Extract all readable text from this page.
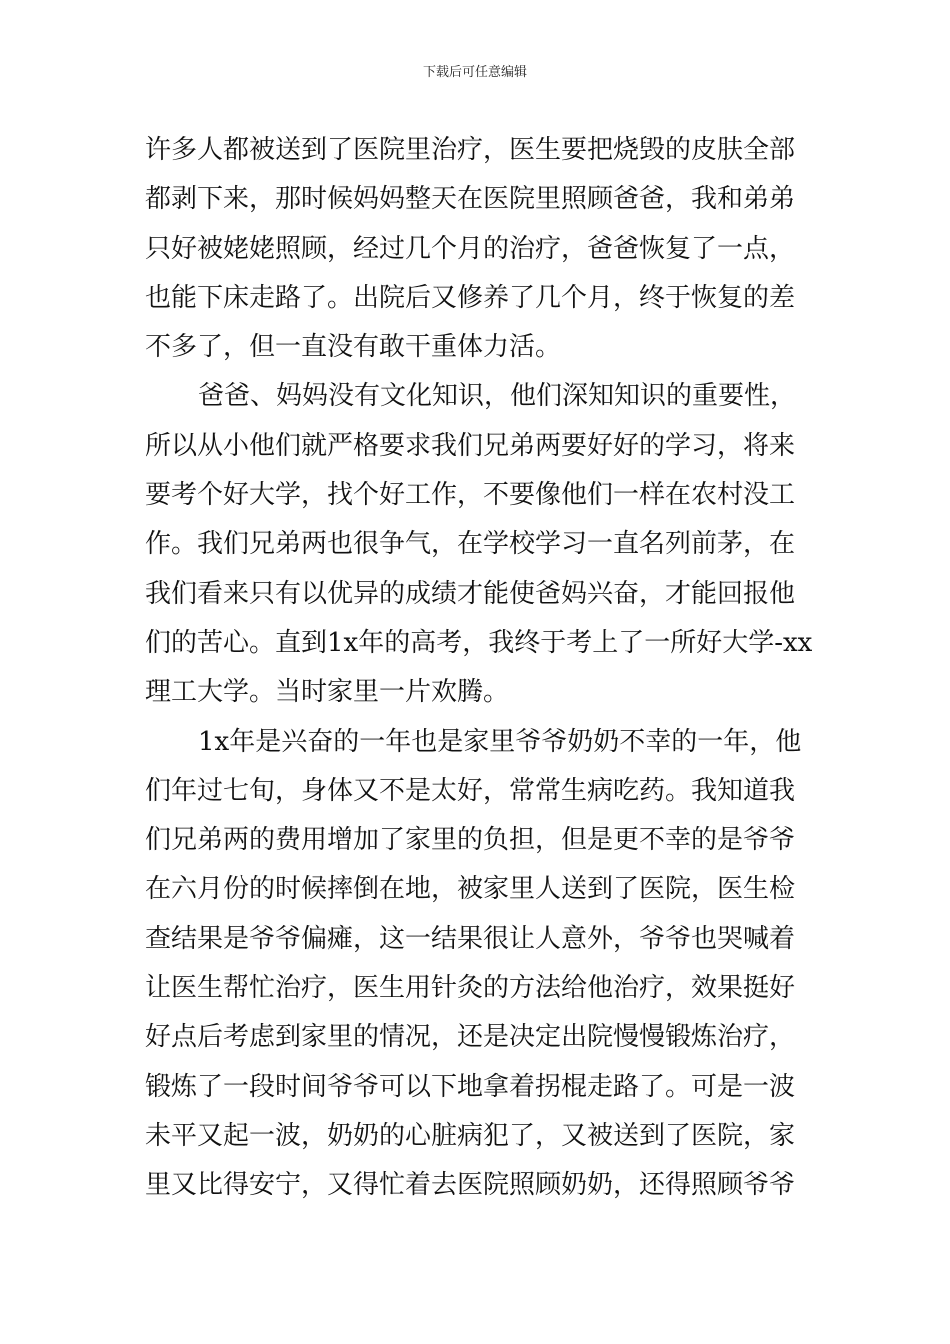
下载后可任意编辑
许多人都被送到了医院里治疗，医生要把烧毁的皮肤全部
都剥下来，那时候妈妈整天在医院里照顾爸爸，我和弟弟
只好被姥姥照顾，经过几个月的治疗，爸爸恢复了一点，
也能下床走路了。出院后又修养了几个月，终于恢复的差
不多了，但一直没有敢干重体力活。
爸爸、妈妈没有文化知识，他们深知知识的重要性，
所以从小他们就严格要求我们兄弟两要好好的学习，将来
要考个好大学，找个好工作，不要像他们一样在农村没工
作。我们兄弟两也很争气，在学校学习一直名列前茅，在
我们看来只有以优异的成绩才能使爸妈兴奋，才能回报他
们的苦心。直到1x年的高考，我终于考上了一所好大学-xx
理工大学。当时家里一片欢腾。
1x年是兴奋的一年也是家里爷爷奶奶不幸的一年，他
们年过七旬，身体又不是太好，常常生病吃药。我知道我
们兄弟两的费用增加了家里的负担，但是更不幸的是爷爷
在六月份的时候摔倒在地，被家里人送到了医院，医生检
查结果是爷爷偏瘫，这一结果很让人意外，爷爷也哭喊着
让医生帮忙治疗，医生用针灸的方法给他治疗，效果挺好
好点后考虑到家里的情况，还是决定出院慢慢锻炼治疗，
锻炼了一段时间爷爷可以下地拿着拐棍走路了。可是一波
未平又起一波，奶奶的心脏病犯了，又被送到了医院，家
里又比得安宁，又得忙着去医院照顾奶奶，还得照顾爷爷
